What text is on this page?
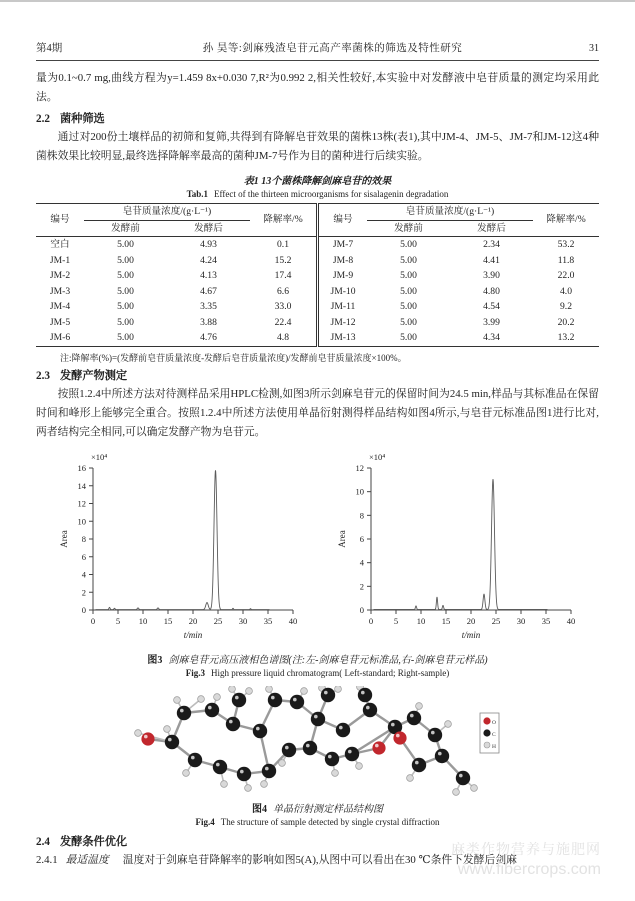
第4期	孙 昊等:剑麻残渣皂苷元高产率菌株的筛选及特性研究	31

量为0.1~0.7 mg,曲线方程为y=1.459 8x+0.030 7,R²为0.992 2,相关性较好,本实验中对发酵液中皂苷质量的测定均采用此法。

2.2 菌种筛选

通过对200份土壤样品的初筛和复筛,共得到有降解皂苷效果的菌株13株(表1),其中JM-4、JM-5、JM-7和JM-12这4种菌株效果比较明显,最终选择降解率最高的菌种JM-7号作为目的菌种进行后续实验。

表1 13个菌株降解剑麻皂苷的效果
Tab.1 Effect of the thirteen microorganisms for sisalagenin degradation
编号	皂苷质量浓度/(g·L⁻¹)		降解率/%	编号	皂苷质量浓度/(g·L⁻¹)		降解率/%
	发酵前	发酵后			发酵前	发酵后	
空白	5.00	4.93	0.1	JM-7	5.00	2.34	53.2
JM-1	5.00	4.24	15.2	JM-8	5.00	4.41	11.8
JM-2	5.00	4.13	17.4	JM-9	5.00	3.90	22.0
JM-3	5.00	4.67	6.6	JM-10	5.00	4.80	4.0
JM-4	5.00	3.35	33.0	JM-11	5.00	4.54	9.2
JM-5	5.00	3.88	22.4	JM-12	5.00	3.99	20.2
JM-6	5.00	4.76	4.8	JM-13	5.00	4.34	13.2
注:降解率(%)=(发酵前皂苷质量浓度-发酵后皂苷质量浓度)/发酵前皂苷质量浓度×100%。
2.3 发酵产物测定

按照1.2.4中所述方法对待测样品采用HPLC检测,如图3所示剑麻皂苷元的保留时间为24.5 min,样品与其标准品在保留时间和峰形上能够完全重合。按照1.2.4中所述方法使用单晶衍射测得样品结构如图4所示,与皂苷元标准品图1进行比对,两者结构完全相同,可以确定发酵产物为皂苷元。

0 5 10 15 20 25 30 35 40
0
2
4
6
8
10
12
14
16
×10⁴
Area
t/min
0 5 10 15 20 25 30 35 40
0
2
4
6
8
10
12
×10⁴
Area
t/min
图3 剑麻皂苷元高压液相色谱图(注:左-剑麻皂苷元标准品,右-剑麻皂苷元样品)
Fig.3 High pressure liquid chromatogram( Left-standard; Right-sample)
O
C
H
图4 单晶衍射测定样品结构图
Fig.4 The structure of sample detected by single crystal diffraction
2.4 发酵条件优化
2.4.1 最适温度 温度对于剑麻皂苷降解率的影响如图5(A),从图中可以看出在30 ℃条件下发酵后剑麻
麻类作物营养与施肥网
www.fibercrops.com
